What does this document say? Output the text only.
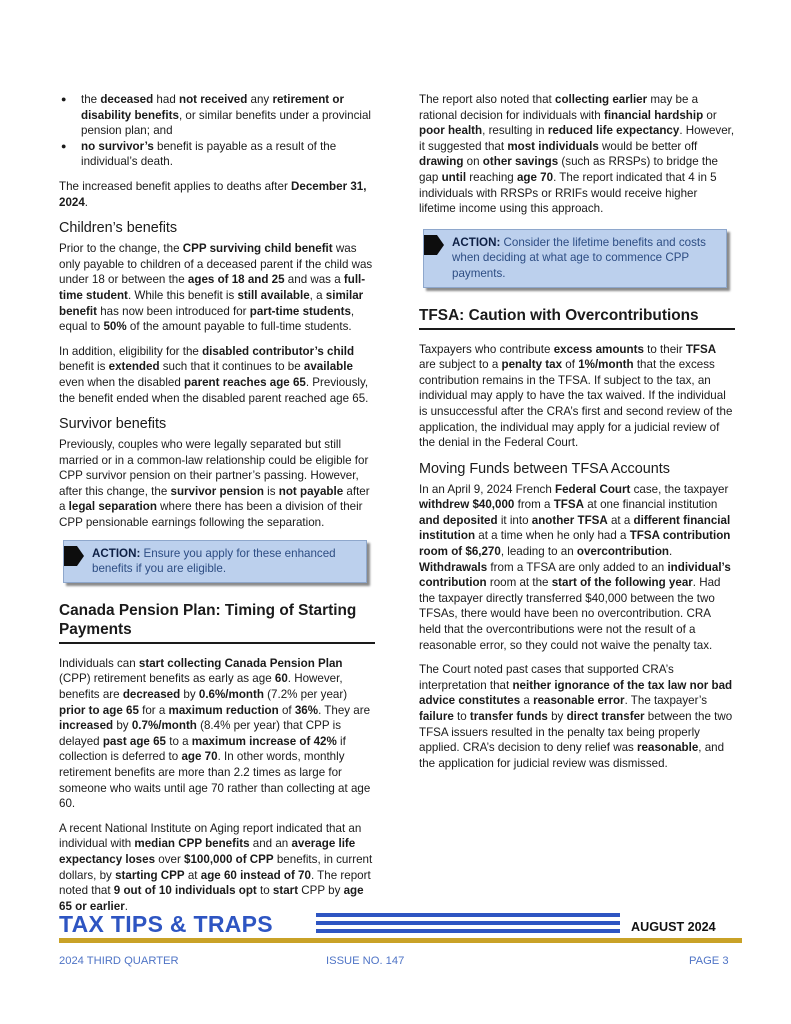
● the deceased had not received any retirement or disability benefits, or similar benefits under a provincial pension plan; and
● no survivor’s benefit is payable as a result of the individual’s death.

The increased benefit applies to deaths after December 31, 2024.

Children’s benefits

Prior to the change, the CPP surviving child benefit was only payable to children of a deceased parent if the child was under 18 or between the ages of 18 and 25 and was a full-time student. While this benefit is still available, a similar benefit has now been introduced for part-time students, equal to 50% of the amount payable to full-time students.

In addition, eligibility for the disabled contributor’s child benefit is extended such that it continues to be available even when the disabled parent reaches age 65. Previously, the benefit ended when the disabled parent reached age 65.

Survivor benefits

Previously, couples who were legally separated but still married or in a common-law relationship could be eligible for CPP survivor pension on their partner’s passing. However, after this change, the survivor pension is not payable after a legal separation where there has been a division of their CPP pensionable earnings following the separation.

ACTION: Ensure you apply for these enhanced benefits if you are eligible.
Canada Pension Plan: Timing of Starting Payments

Individuals can start collecting Canada Pension Plan (CPP) retirement benefits as early as age 60. However, benefits are decreased by 0.6%/month (7.2% per year) prior to age 65 for a maximum reduction of 36%. They are increased by 0.7%/month (8.4% per year) that CPP is delayed past age 65 to a maximum increase of 42% if collection is deferred to age 70. In other words, monthly retirement benefits are more than 2.2 times as large for someone who waits until age 70 rather than collecting at age 60.

A recent National Institute on Aging report indicated that an individual with median CPP benefits and an average life expectancy loses over $100,000 of CPP benefits, in current dollars, by starting CPP at age 60 instead of 70. The report noted that 9 out of 10 individuals opt to start CPP by age 65 or earlier.

The report also noted that collecting earlier may be a rational decision for individuals with financial hardship or poor health, resulting in reduced life expectancy. However, it suggested that most individuals would be better off drawing on other savings (such as RRSPs) to bridge the gap until reaching age 70. The report indicated that 4 in 5 individuals with RRSPs or RRIFs would receive higher lifetime income using this approach.

ACTION: Consider the lifetime benefits and costs when deciding at what age to commence CPP payments.
TFSA: Caution with Overcontributions

Taxpayers who contribute excess amounts to their TFSA are subject to a penalty tax of 1%/month that the excess contribution remains in the TFSA. If subject to the tax, an individual may apply to have the tax waived. If the individual is unsuccessful after the CRA’s first and second review of the application, the individual may apply for a judicial review of the denial in the Federal Court.

Moving Funds between TFSA Accounts

In an April 9, 2024 French Federal Court case, the taxpayer withdrew $40,000 from a TFSA at one financial institution and deposited it into another TFSA at a different financial institution at a time when he only had a TFSA contribution room of $6,270, leading to an overcontribution. Withdrawals from a TFSA are only added to an individual’s contribution room at the start of the following year. Had the taxpayer directly transferred $40,000 between the two TFSAs, there would have been no overcontribution. CRA held that the overcontributions were not the result of a reasonable error, so they could not waive the penalty tax.

The Court noted past cases that supported CRA’s interpretation that neither ignorance of the tax law nor bad advice constitutes a reasonable error. The taxpayer’s failure to transfer funds by direct transfer between the two TFSA issuers resulted in the penalty tax being properly applied. CRA’s decision to deny relief was reasonable, and the application for judicial review was dismissed.

TAX TIPS & TRAPS	AUGUST 2024
2024 THIRD QUARTER	ISSUE NO. 147	PAGE 3
